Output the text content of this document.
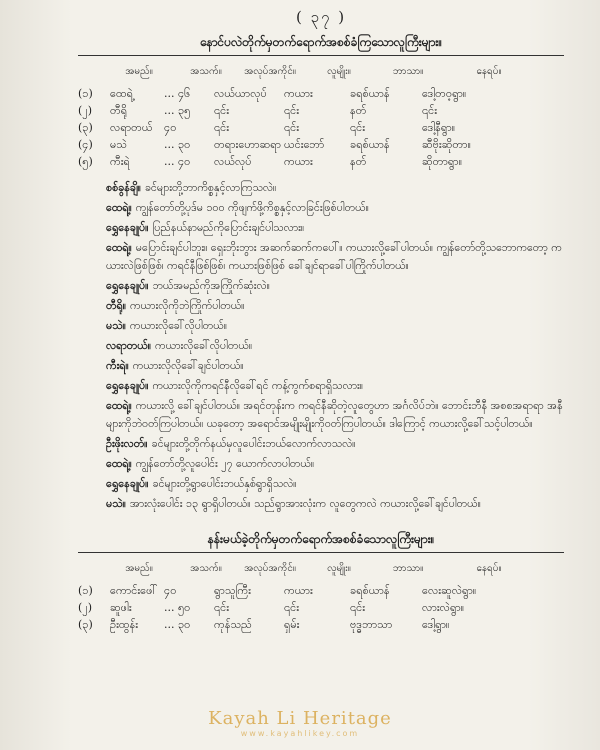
( ၃၇ )
နောင်ပလဲတိုက်မှတက်ရောက်အစစ်ခံကြသောလူကြီးများ။
အမည်။	အသက်။	အလုပ်အကိုင်။	လူမျိုး။	ဘာသာ။	နေရပ်။
(၁)	ထေရဲ့	... ၄၆	လယ်ယာလုပ်	ကယား	ခရစ်ယာန်	ဒေါ့တဝ့ရွာ။
(၂)	တီရို	... ၃၅	၎င်း	၎င်း	နတ်	၎င်း
(၃)	လရာတယ်	၄၀	၎င်း	၎င်း	၎င်း	ဒေါ့နီရွာ။
(၄)	မသဲ	... ၃၀	တရားဟောဆရာ ယင်းဘော်	ခရစ်ယာန်	ဆီဗိုးဆိုတာ။
(၅)	ကီးရဲ	... ၄၀	လယ်လုပ်	ကယား	နတ်	ဆိုတာရွာ။
စစ်ခွန်ချိ။ ခင်များတို့ဘာကိစ္စနှင့်လာကြသလဲ။
ထေရဲ့။ ကျွန်တော်တို့ပုဒ်မ ၁၀၀ ကိုဖျက်ဖို့ကိစ္စနှင့်လာခြင်းဖြစ်ပါတယ်။
ရွှေနေချုပ်။ ပြည်နယ်နာမည်ကိုပြောင်းချင်ပါသလား။
ထေရဲ့။ မပြောင်းချင်ပါဘူး။ ရှေးဘိုးဘွား အဆက်ဆက်ကပေါ်။ ကယားလို့ခေါ်ပါတယ်။ ကျွန်တော်တို့သဘောကတော့ ကယားလဲဖြစ်ဖြစ်၊ ကရင်နီဖြစ်ဖြစ်၊ ကယားဖြစ်ဖြစ် ခေါ်ချင်ရာခေါ်ပါကြိုက်ပါတယ်။
ရွှေနေချုပ်။ ဘယ်အမည်ကိုအကြိုက်ဆုံးလဲ။
တီရို။ ကယားလိုကိုဘဲကြိုက်ပါတယ်။
မသဲ။ ကယားလိုခေါ်လိုပါတယ်။
လရာတယ်။ ကယားလိုခေါ်လိုပါတယ်။
ကီးရဲ။ ကယားလိုလိုခေါ်ချင်ပါတယ်။
ရွှေနေချုပ်။ ကယားလိုကိုကရင်နီလိုခေါ်ရင် ကန့်ကွက်စရာရှိသလား။
ထေရဲ့။ ကယားလို့ ခေါ်ချင်ပါတယ်။ အရင်တုန်းက ကရင်နီဆိုတဲ့လူတွေဟာ အင်္ဂလိပ်ဘဲ။ ဘောင်းဘီနီ အစစအရာရာ အနီများကိုဘဲဝတ်ကြပါတယ်။ ယခုတော့ အရောင်အမျိုးမျိုးကိုဝတ်ကြပါတယ်။ ဒါကြောင့် ကယားလို့ခေါ်သင့်ပါတယ်။
ဦးဖိုးလတ်။ ခင်များတို့တိုက်နယ်မှလူပေါင်းဘယ်လောက်လာသလဲ။
ထေရဲ့။ ကျွန်တော်တို့လူပေါင်း ၂၇ ယောက်လာပါတယ်။
ရွှေနေချုပ်။ ခင်များတို့ရွာပေါင်းဘယ်နှစ်ရွာရှိသလဲ။
မသဲ။ အားလုံးပေါင်း ၁၃ ရွာရှိပါတယ်။ သည်ရွာအားလုံးက လူတွေကလဲ ကယားလို့ခေါ်ချင်ပါတယ်။
နန်းမယ်ခဲ့တိုက်မှတက်ရောက်အစစ်ခံသောလူကြီးများ။
အမည်။	အသက်။	အလုပ်အကိုင်။	လူမျိုး။	ဘာသာ။	နေရပ်။
(၁)	ကောင်းဖေါ် ၄၀	ရွာသူကြီး	ကယား	ခရစ်ယာန်	လေးဆူလဲရွာ။
(၂)	ဆူဖါး	... ၅၀	၎င်း	၎င်း	၎င်း	လားလဲရွာ။
(၃)	ဦးထွန်း	... ၃၀	ကုန်သည်	ရှမ်း	ဗုဒ္ဓဘာသာ	ဒေါ့ရွာ။
Kayah Li Heritage
www.kayahlikey.com
